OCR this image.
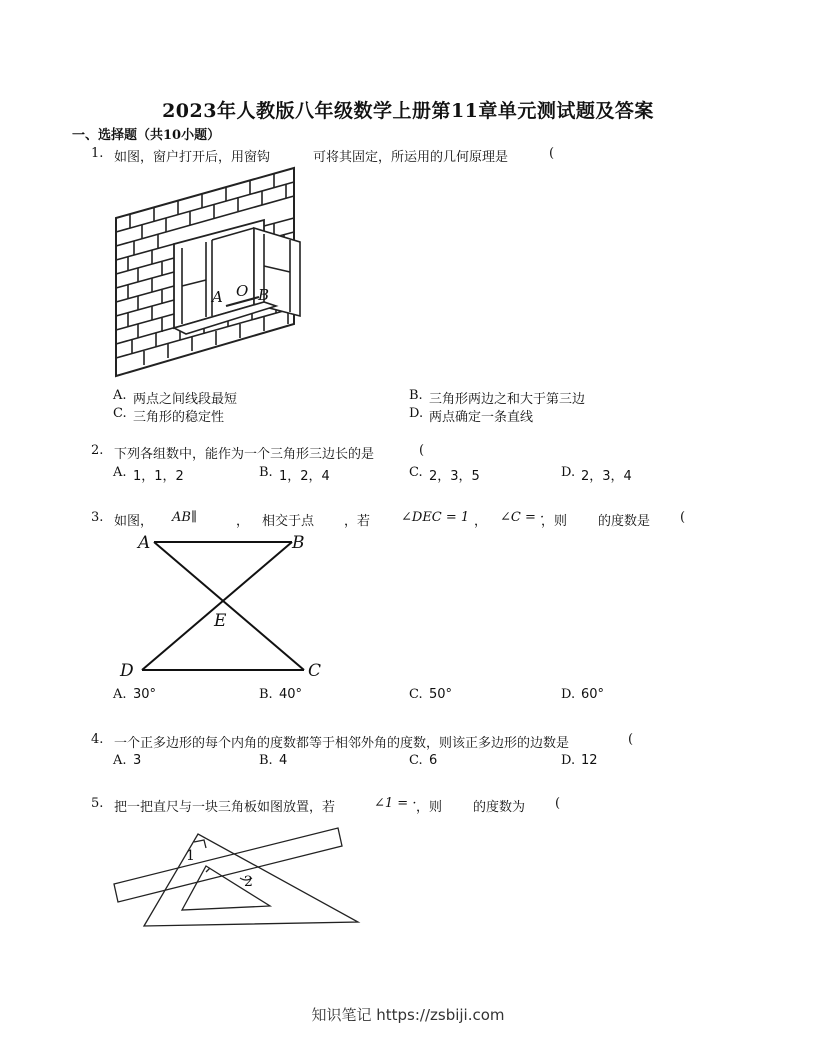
2023年人教版八年级数学上册第11章单元测试题及答案
一、选择题（共10小题）
1. 如图，窗户打开后，用窗钩	可将其固定，所运用的几何原理是	(
A O B
A. 两点之间线段最短	B. 三角形两边之和大于第三边
C. 三角形的稳定性	D. 两点确定一条直线
2. 下列各组数中，能作为一个三角形三边长的是	(
A. 1，1，2	B. 1，2，4	C. 2，3，5	D. 2，3，4
3. 如图， AB∥	， 相交于点 ，若 ∠DEC = 1 ， ∠C = ·
，则 的度数是 (
A	B
E
D	C
A. 30°	B. 40°	C. 50°	D. 60°
4. 一个正多边形的每个内角的度数都等于相邻外角的度数，则该正多边形的边数是	(
A. 3	B. 4	C. 6	D. 12
5. 把一把直尺与一块三角板如图放置，若	∠1 = · ，则 的度数为 (
1
2
知识笔记 https://zsbiji.com
